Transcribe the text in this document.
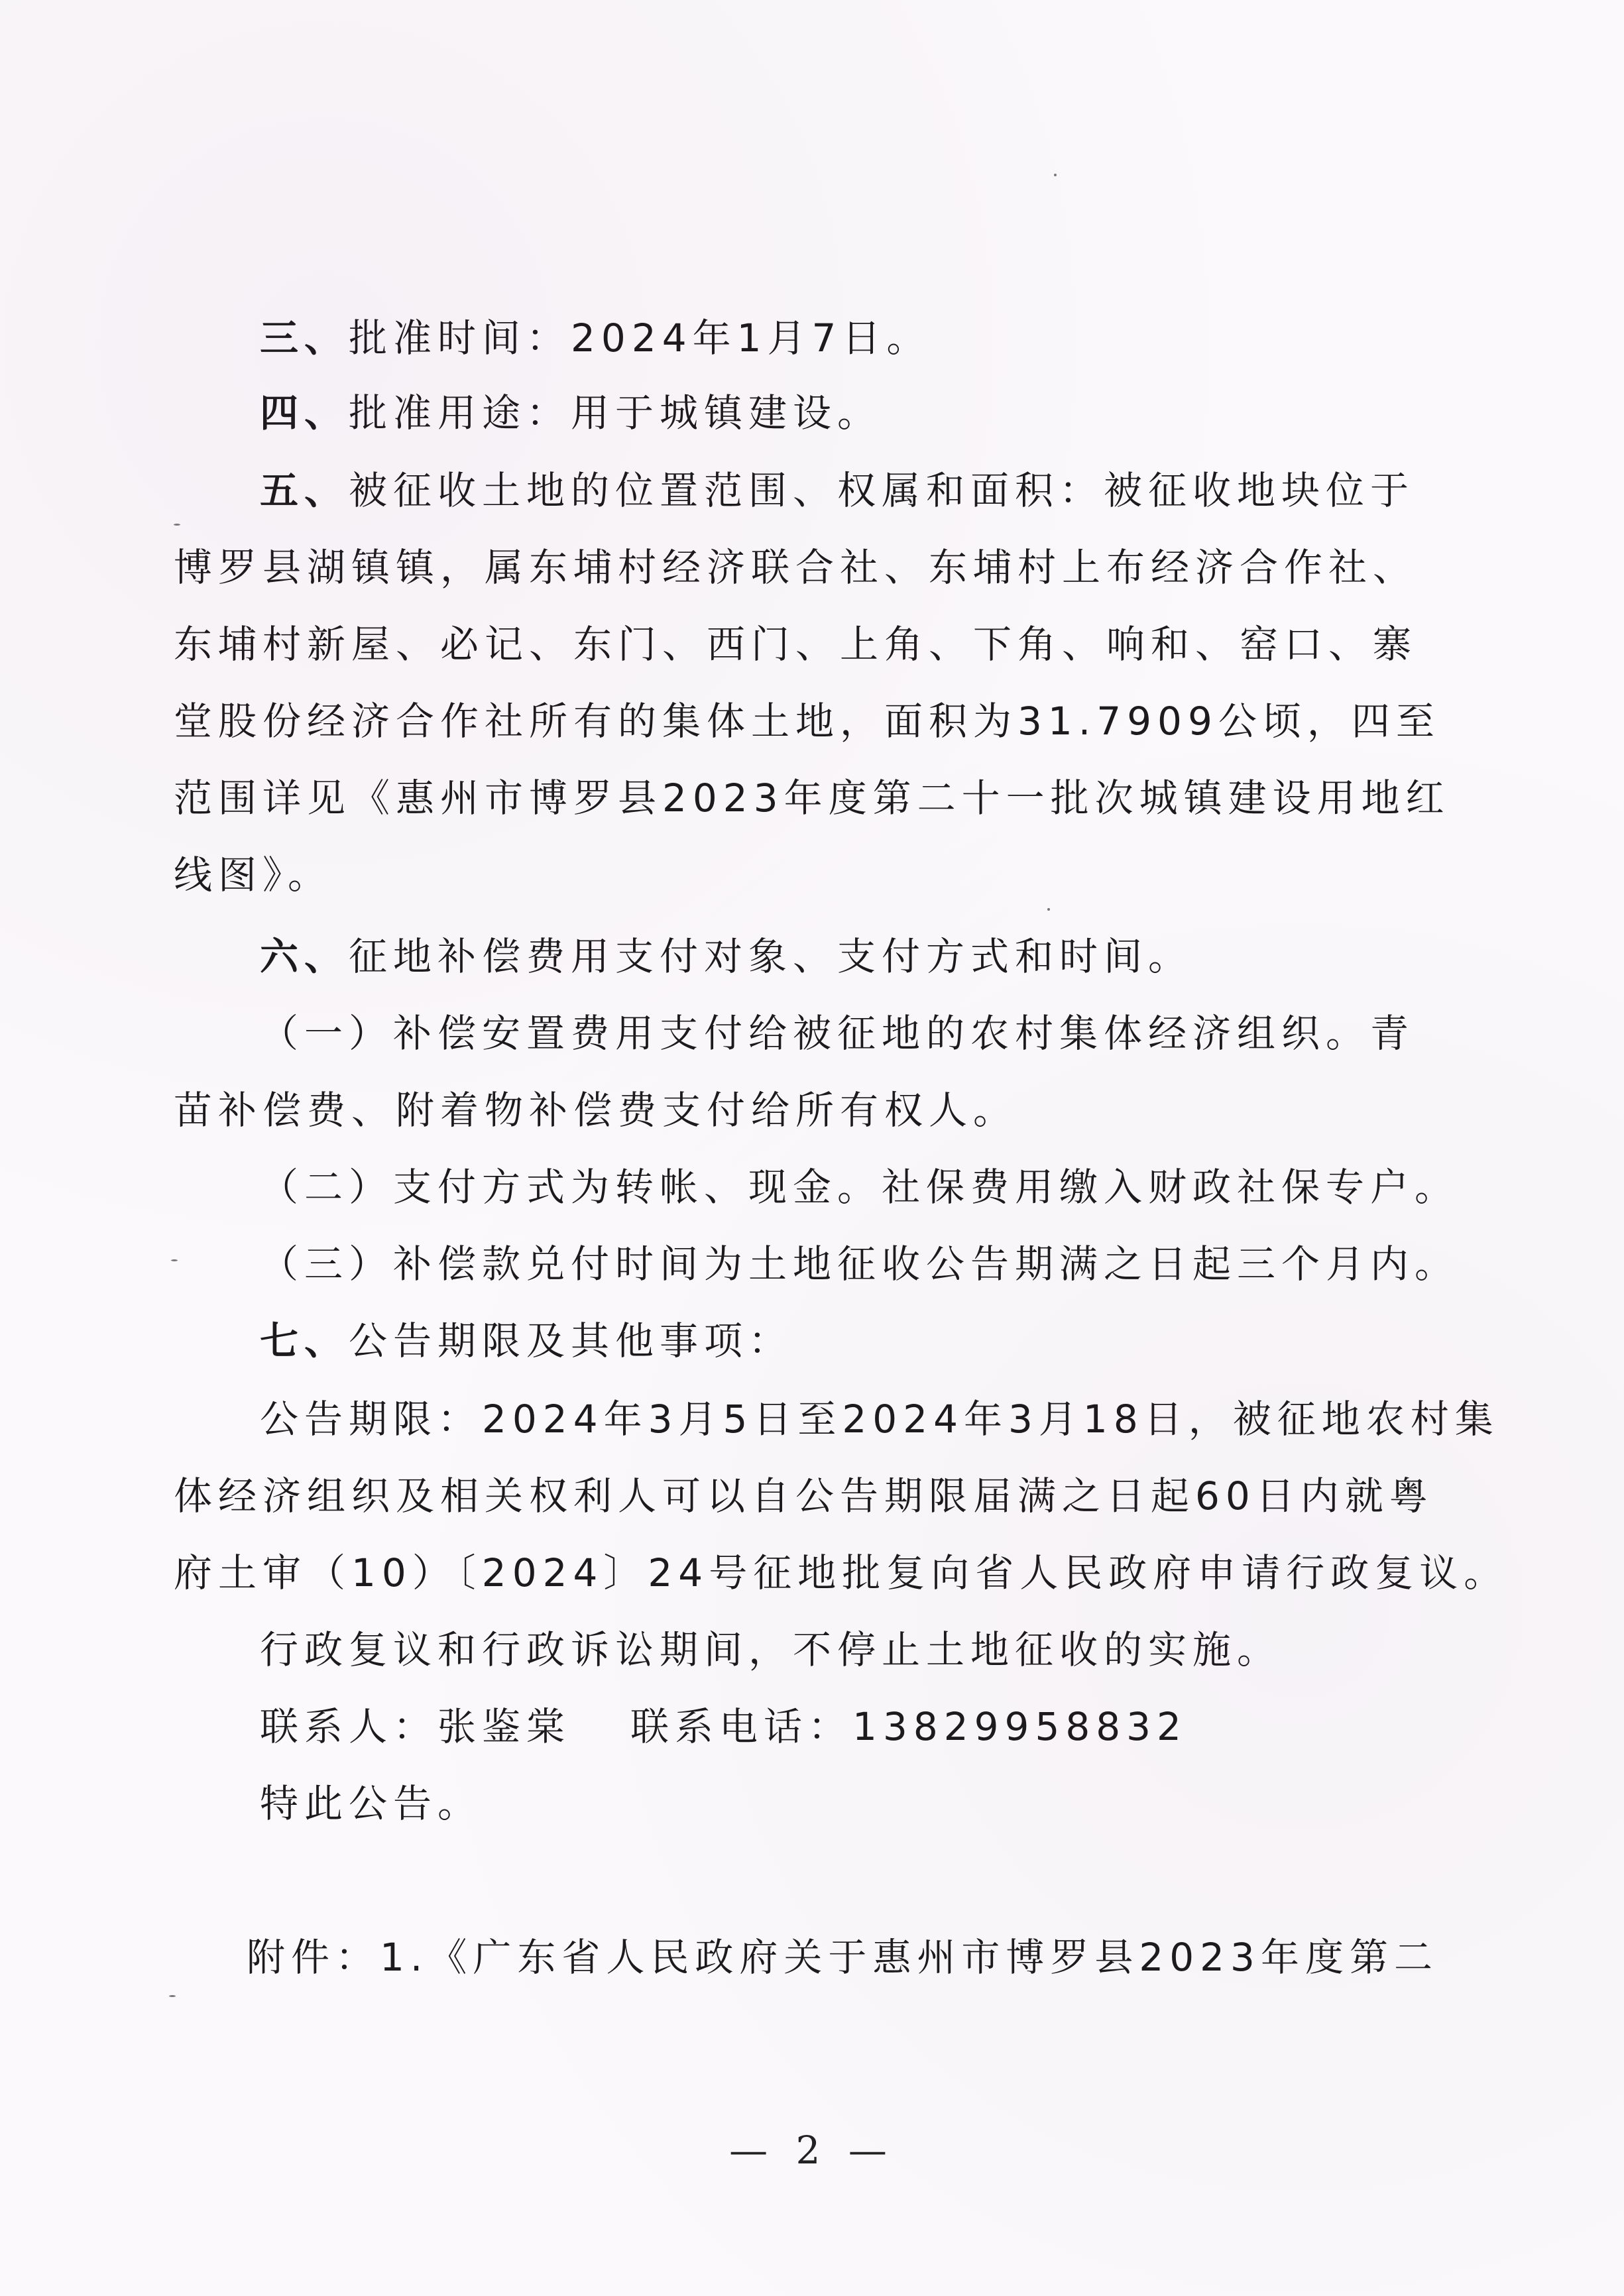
三、批准时间：2024年1月7日。
四、批准用途：用于城镇建设。
五、被征收土地的位置范围、权属和面积：被征收地块位于
博罗县湖镇镇，属东埔村经济联合社、东埔村上布经济合作社、
东埔村新屋、必记、东门、西门、上角、下角、响和、窑口、寨
堂股份经济合作社所有的集体土地，面积为31.7909公顷，四至
范围详见《惠州市博罗县2023年度第二十一批次城镇建设用地红
线图》。
六、征地补偿费用支付对象、支付方式和时间。
（一）补偿安置费用支付给被征地的农村集体经济组织。青
苗补偿费、附着物补偿费支付给所有权人。
（二）支付方式为转帐、现金。社保费用缴入财政社保专户。
（三）补偿款兑付时间为土地征收公告期满之日起三个月内。
七、公告期限及其他事项：
公告期限：2024年3月5日至2024年3月18日，被征地农村集
体经济组织及相关权利人可以自公告期限届满之日起60日内就粤
府土审（10）〔2024〕24号征地批复向省人民政府申请行政复议。
行政复议和行政诉讼期间，不停止土地征收的实施。
联系人：张鉴棠 联系电话：13829958832
特此公告。
附件：1.《广东省人民政府关于惠州市博罗县2023年度第二
— 2 —
